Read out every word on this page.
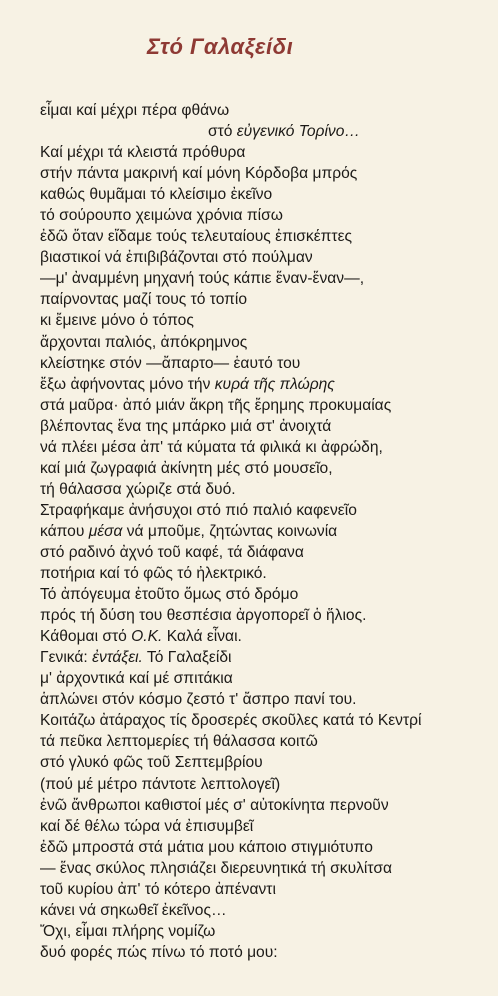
Στό Γαλαξείδι
εἶμαι καί μέχρι πέρα φθάνω
στό εὐγενικό Τορίνο…
Καί μέχρι τά κλειστά πρόθυρα
στήν πάντα μακρινή καί μόνη Κόρδοβα μπρός
καθώς θυμᾶμαι τό κλείσιμο ἐκεῖνο
τό σούρουπο χειμώνα χρόνια πίσω
ἐδῶ ὅταν εἴδαμε τούς τελευταίους ἐπισκέπτες
βιαστικοί νά ἐπιβιβάζονται στό πούλμαν
—μ' ἀναμμένη μηχανή τούς κάπιε ἕναν-ἕναν—,
παίρνοντας μαζί τους τό τοπίο
κι ἔμεινε μόνο ὁ τόπος
ἄρχονται παλιός, ἀπόκρημνος
κλείστηκε στόν —ἄπαρτο— ἑαυτό του
ἔξω ἀφήνοντας μόνο τήν κυρά τῆς πλώρης
στά μαῦρα· ἀπό μιάν ἄκρη τῆς ἔρημης προκυμαίας
βλέποντας ἕνα της μπάρκο μιά στ' ἀνοιχτά
νά πλέει μέσα ἀπ' τά κύματα τά φιλικά κι ἀφρώδη,
καί μιά ζωγραφιά ἀκίνητη μές στό μουσεῖο,
τή θάλασσα χώριζε στά δυό.
Στραφήκαμε ἀνήσυχοι στό πιό παλιό καφενεῖο
κάπου μέσα νά μποῦμε, ζητώντας κοινωνία
στό ραδινό ἀχνό τοῦ καφέ, τά διάφανα
ποτήρια καί τό φῶς τό ἠλεκτρικό.
Τό ἀπόγευμα ἐτοῦτο ὅμως στό δρόμο
πρός τή δύση του θεσπέσια ἀργοπορεῖ ὁ ἥλιος.
Κάθομαι στό Ο.Κ. Καλά εἶναι.
Γενικά: ἐντάξει. Τό Γαλαξείδι
μ' ἀρχοντικά καί μέ σπιτάκια
ἁπλώνει στόν κόσμο ζεστό τ' ἄσπρο πανί του.
Κοιτάζω ἀτάραχος τίς δροσερές σκοῦλες κατά τό Κεντρί
τά πεῦκα λεπτομερίες τή θάλασσα κοιτῶ
στό γλυκό φῶς τοῦ Σεπτεμβρίου
(πού μέ μέτρο πάντοτε λεπτολογεῖ)
ἐνῶ ἄνθρωποι καθιστοί μές σ' αὐτοκίνητα περνοῦν
καί δέ θέλω τώρα νά ἐπισυμβεῖ
ἐδῶ μπροστά στά μάτια μου κάποιο στιγμιότυπο
— ἕνας σκύλος πλησιάζει διερευνητικά τή σκυλίτσα
τοῦ κυρίου ἀπ' τό κότερο ἀπέναντι
κάνει νά σηκωθεῖ ἐκεῖνος…
Ὄχι, εἶμαι πλήρης νομίζω
δυό φορές πώς πίνω τό ποτό μου:
